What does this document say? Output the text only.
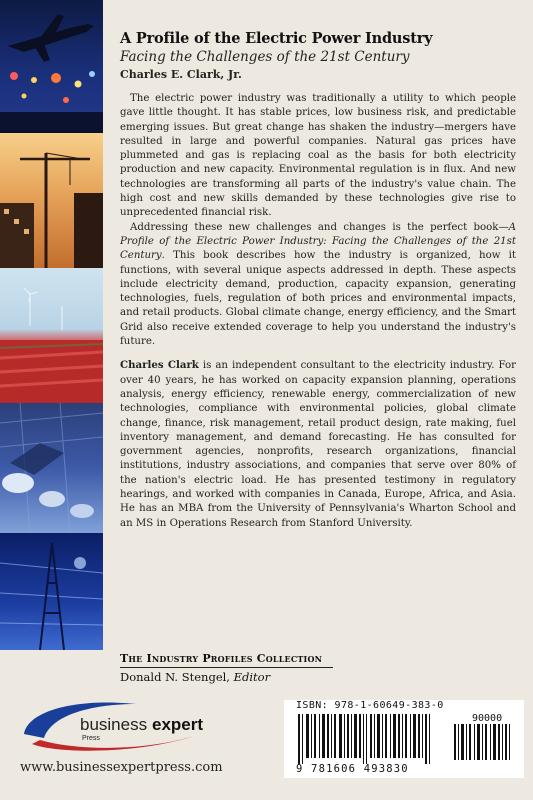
A Profile of the Electric Power Industry
Facing the Challenges of the 21st Century
Charles E. Clark, Jr.

The electric power industry was traditionally a utility to which people gave little thought. It has stable prices, low business risk, and predictable emerging issues. But great change has shaken the industry—mergers have resulted in large and powerful companies. Natural gas prices have plummeted and gas is replacing coal as the basis for both electricity production and new capacity. Environmental regulation is in flux. And new technologies are transforming all parts of the industry's value chain. The high cost and new skills demanded by these technologies give rise to unprecedented financial risk.

Addressing these new challenges and changes is the perfect book—A Profile of the Electric Power Industry: Facing the Challenges of the 21st Century. This book describes how the industry is organized, how it functions, with several unique aspects addressed in depth. These aspects include electricity demand, production, capacity expansion, generating technologies, fuels, regulation of both prices and environmental impacts, and retail products. Global climate change, energy efficiency, and the Smart Grid also receive extended coverage to help you understand the industry's future.

Charles Clark is an independent consultant to the electricity industry. For over 40 years, he has worked on capacity expansion planning, operations analysis, energy efficiency, renewable energy, commercialization of new technologies, compliance with environmental policies, global climate change, finance, risk management, retail product design, rate making, fuel inventory management, and demand forecasting. He has consulted for government agencies, nonprofits, research organizations, financial institutions, industry associations, and companies that serve over 80% of the nation's electric load. He has presented testimony in regulatory hearings, and worked with companies in Canada, Europe, Africa, and Asia. He has an MBA from the University of Pennsylvania's Wharton School and an MS in Operations Research from Stanford University.

The Industry Profiles Collection
Donald N. Stengel, Editor
business expert
Press
www.businessexpertpress.com
ISBN: 978-1-60649-383-0
90000
9 781606 493830
